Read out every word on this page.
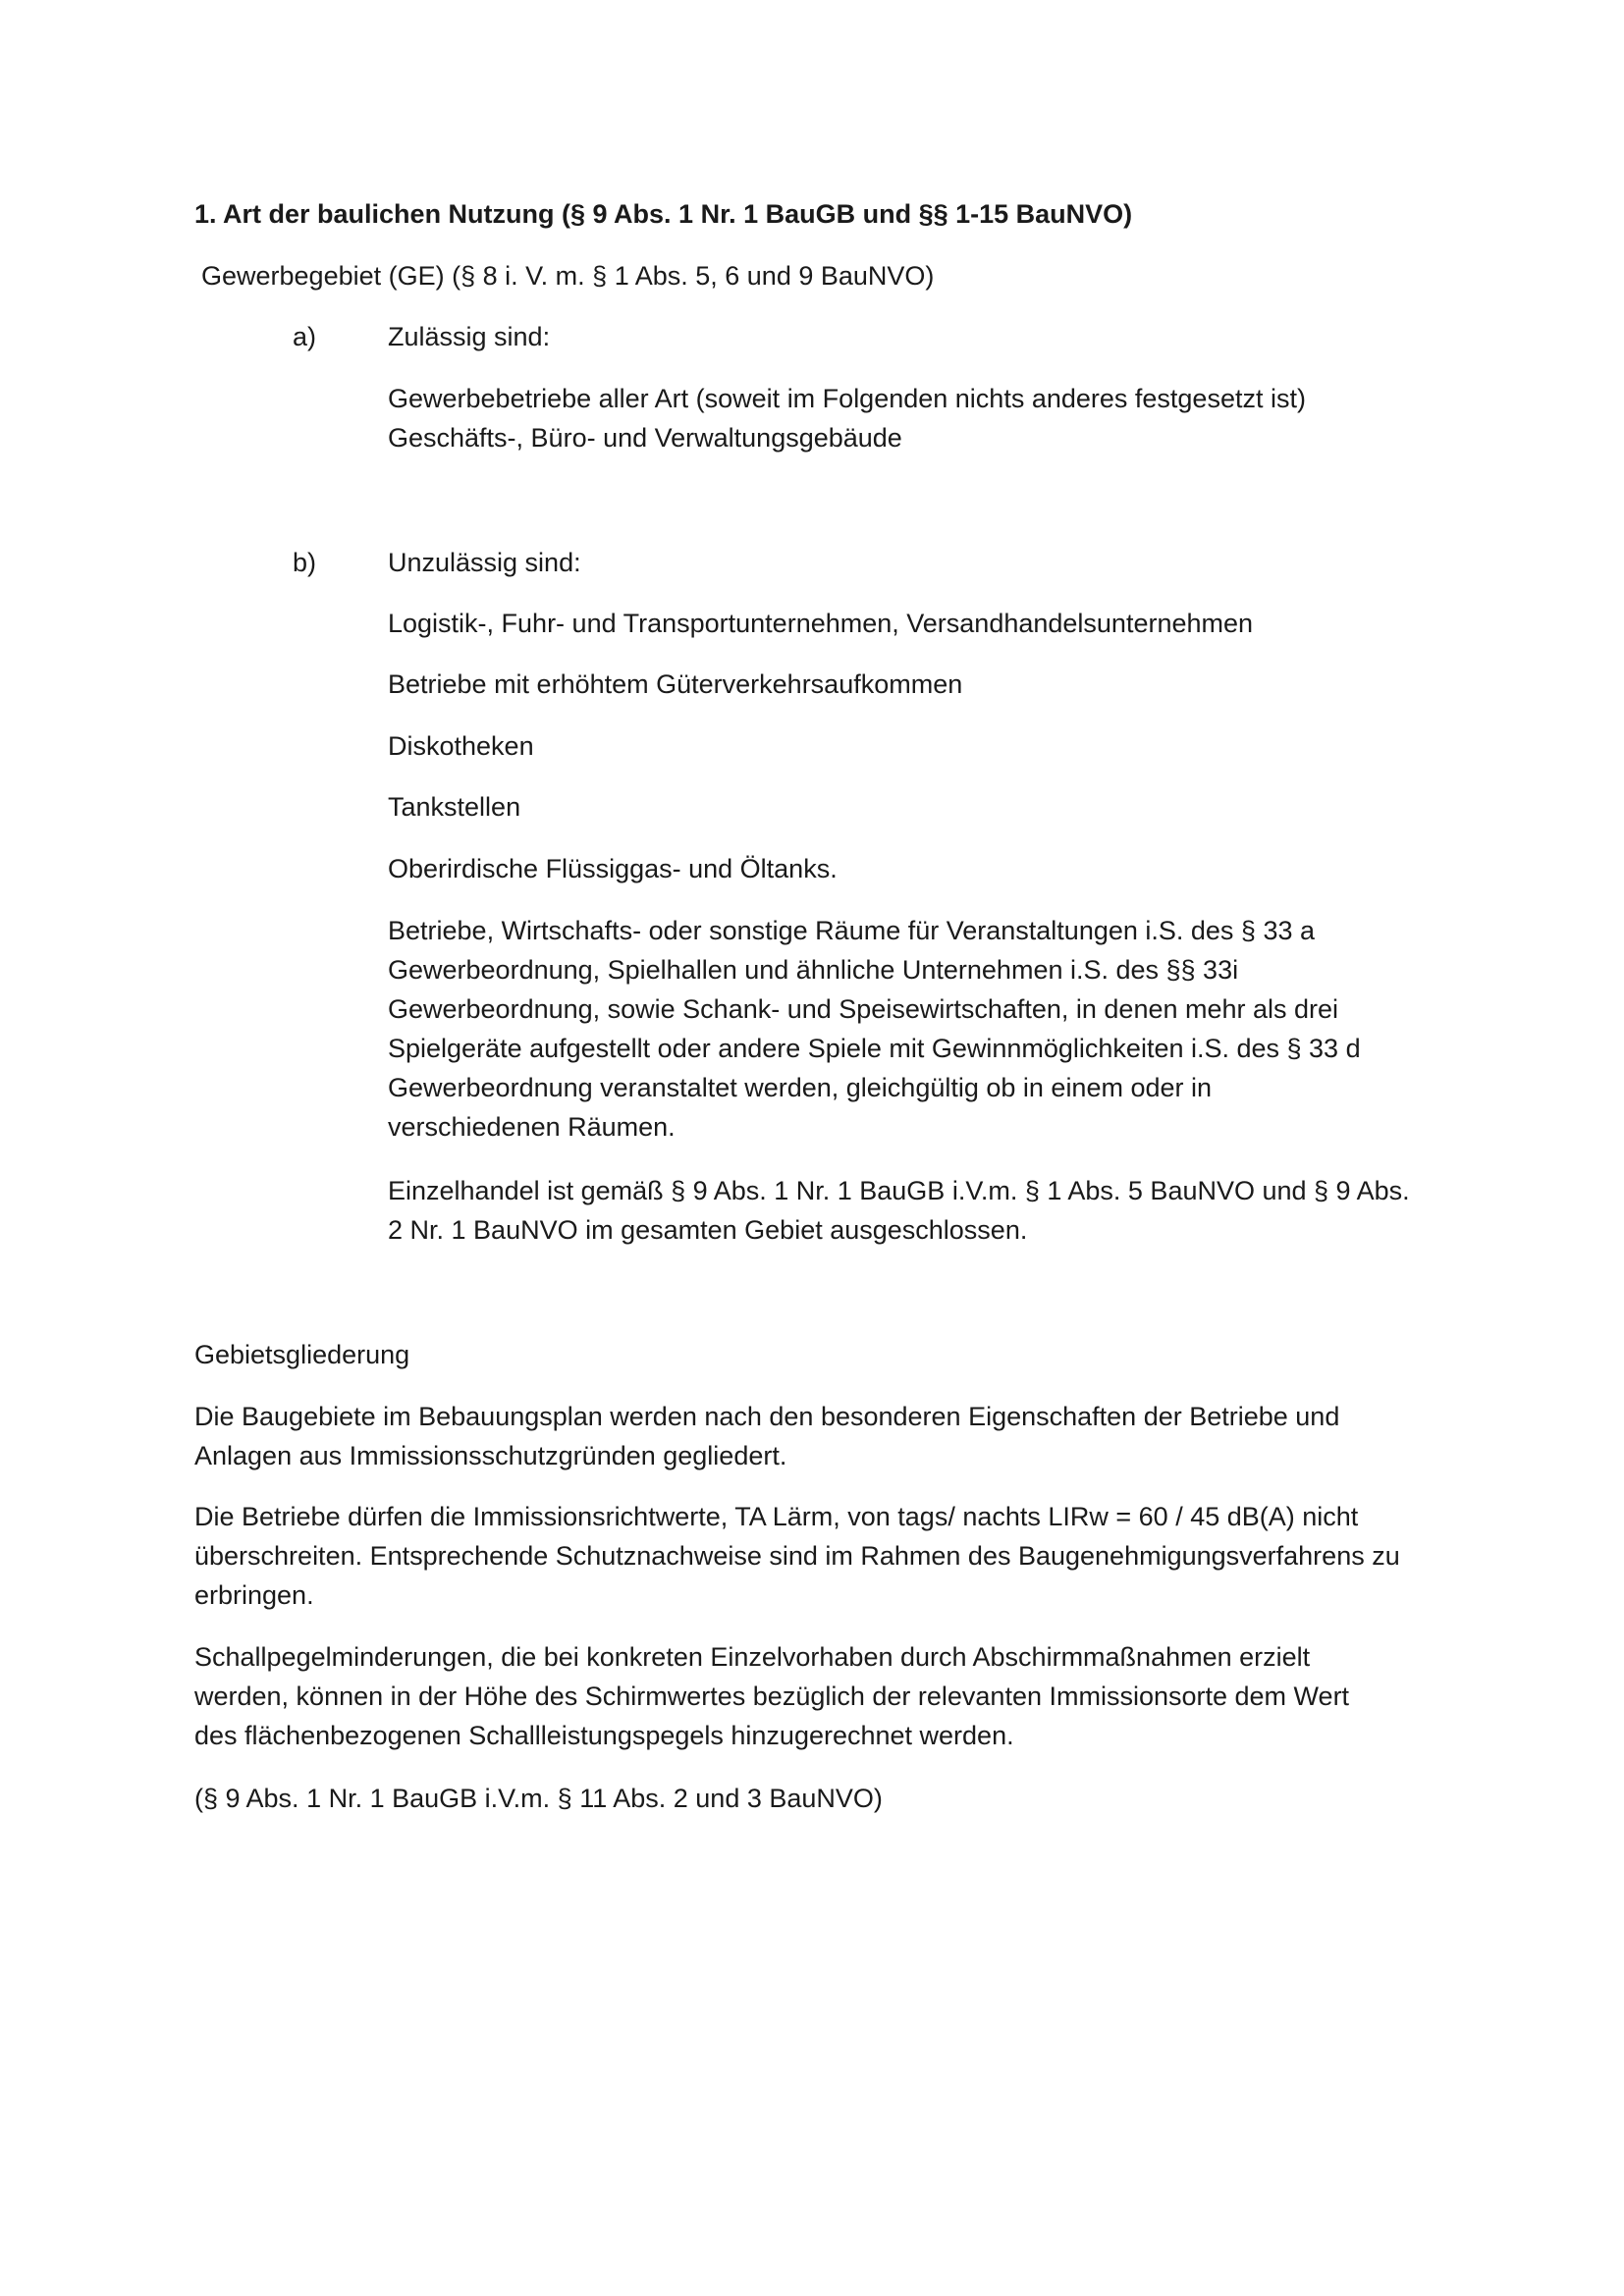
1. Art der baulichen Nutzung (§ 9 Abs. 1 Nr. 1 BauGB und §§ 1-15 BauNVO)

Gewerbegebiet (GE) (§ 8 i. V. m. § 1 Abs. 5, 6 und 9 BauNVO)

a)	Zulässig sind:

Gewerbebetriebe aller Art (soweit im Folgenden nichts anderes festgesetzt ist)
Geschäfts-, Büro- und Verwaltungsgebäude

b)	Unzulässig sind:

Logistik-, Fuhr- und Transportunternehmen, Versandhandelsunternehmen

Betriebe mit erhöhtem Güterverkehrsaufkommen

Diskotheken

Tankstellen

Oberirdische Flüssiggas- und Öltanks.

Betriebe, Wirtschafts- oder sonstige Räume für Veranstaltungen i.S. des § 33 a
Gewerbeordnung, Spielhallen und ähnliche Unternehmen i.S. des §§ 33i
Gewerbeordnung, sowie Schank- und Speisewirtschaften, in denen mehr als drei
Spielgeräte aufgestellt oder andere Spiele mit Gewinnmöglichkeiten i.S. des § 33 d
Gewerbeordnung veranstaltet werden, gleichgültig ob in einem oder in
verschiedenen Räumen.

Einzelhandel ist gemäß § 9 Abs. 1 Nr. 1 BauGB i.V.m. § 1 Abs. 5 BauNVO und § 9 Abs.
2 Nr. 1 BauNVO im gesamten Gebiet ausgeschlossen.

Gebietsgliederung

Die Baugebiete im Bebauungsplan werden nach den besonderen Eigenschaften der Betriebe und
Anlagen aus Immissionsschutzgründen gegliedert.

Die Betriebe dürfen die Immissionsrichtwerte, TA Lärm, von tags/ nachts LIRw = 60 / 45 dB(A) nicht
überschreiten. Entsprechende Schutznachweise sind im Rahmen des Baugenehmigungsverfahrens zu
erbringen.

Schallpegelminderungen, die bei konkreten Einzelvorhaben durch Abschirmmaßnahmen erzielt
werden, können in der Höhe des Schirmwertes bezüglich der relevanten Immissionsorte dem Wert
des flächenbezogenen Schallleistungspegels hinzugerechnet werden.

(§ 9 Abs. 1 Nr. 1 BauGB i.V.m. § 11 Abs. 2 und 3 BauNVO)
